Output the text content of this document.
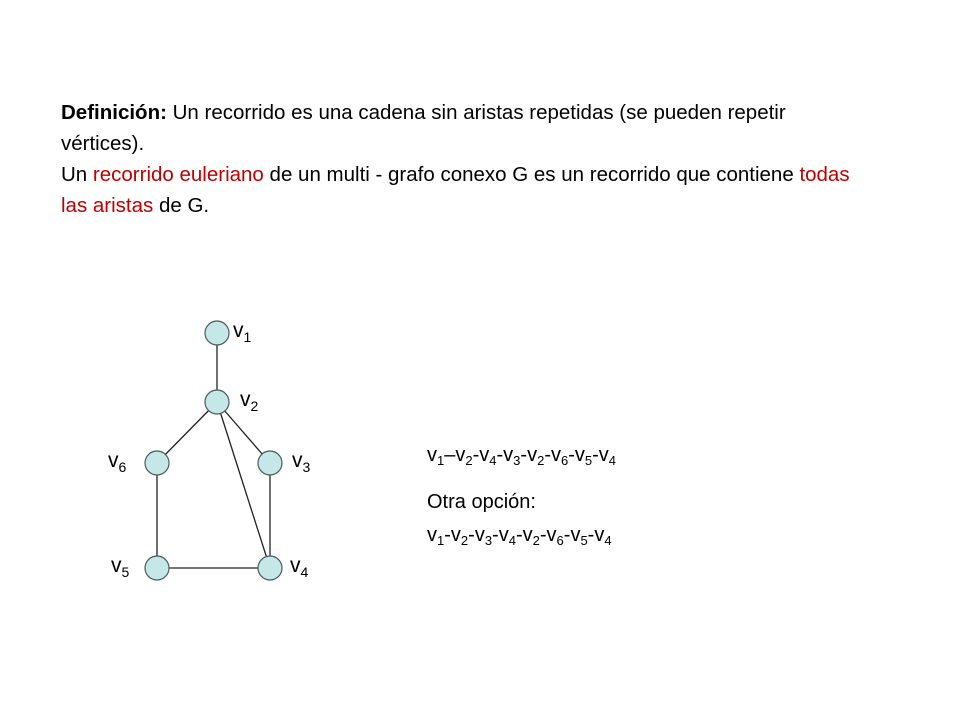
Definición: Un recorrido es una cadena sin aristas repetidas (se pueden repetir vértices).

Un recorrido euleriano de un multi - grafo conexo G es un recorrido que contiene todas las aristas de G.

$v_1$
$v_2$
$v_3$
$v_4$
$v_5$
$v_6$
$v_1-v_2-v_4-v_3-v_2-v_6-v_5-v_4$
Otra opción:
$v_1-v_2-v_3-v_4-v_2-v_6-v_5-v_4$
